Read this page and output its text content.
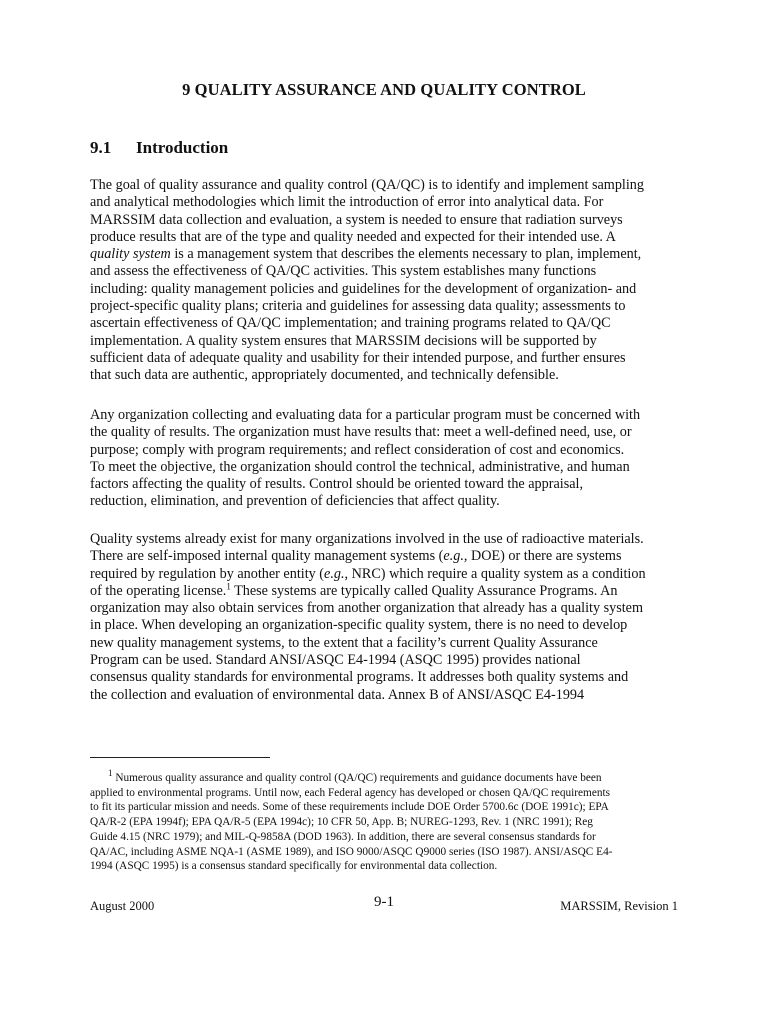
9 QUALITY ASSURANCE AND QUALITY CONTROL
9.1 Introduction
The goal of quality assurance and quality control (QA/QC) is to identify and implement sampling
and analytical methodologies which limit the introduction of error into analytical data. For
MARSSIM data collection and evaluation, a system is needed to ensure that radiation surveys
produce results that are of the type and quality needed and expected for their intended use. A
quality system is a management system that describes the elements necessary to plan, implement,
and assess the effectiveness of QA/QC activities. This system establishes many functions
including: quality management policies and guidelines for the development of organization- and
project-specific quality plans; criteria and guidelines for assessing data quality; assessments to
ascertain effectiveness of QA/QC implementation; and training programs related to QA/QC
implementation. A quality system ensures that MARSSIM decisions will be supported by
sufficient data of adequate quality and usability for their intended purpose, and further ensures
that such data are authentic, appropriately documented, and technically defensible.
Any organization collecting and evaluating data for a particular program must be concerned with
the quality of results. The organization must have results that: meet a well-defined need, use, or
purpose; comply with program requirements; and reflect consideration of cost and economics.
To meet the objective, the organization should control the technical, administrative, and human
factors affecting the quality of results. Control should be oriented toward the appraisal,
reduction, elimination, and prevention of deficiencies that affect quality.
Quality systems already exist for many organizations involved in the use of radioactive materials.
There are self-imposed internal quality management systems (e.g., DOE) or there are systems
required by regulation by another entity (e.g., NRC) which require a quality system as a condition
of the operating license.$^1$ These systems are typically called Quality Assurance Programs. An
organization may also obtain services from another organization that already has a quality system
in place. When developing an organization-specific quality system, there is no need to develop
new quality management systems, to the extent that a facility’s current Quality Assurance
Program can be used. Standard ANSI/ASQC E4-1994 (ASQC 1995) provides national
consensus quality standards for environmental programs. It addresses both quality systems and
the collection and evaluation of environmental data. Annex B of ANSI/ASQC E4-1994
$^1$ Numerous quality assurance and quality control (QA/QC) requirements and guidance documents have been
applied to environmental programs. Until now, each Federal agency has developed or chosen QA/QC requirements
to fit its particular mission and needs. Some of these requirements include DOE Order 5700.6c (DOE 1991c); EPA
QA/R-2 (EPA 1994f); EPA QA/R-5 (EPA 1994c); 10 CFR 50, App. B; NUREG-1293, Rev. 1 (NRC 1991); Reg
Guide 4.15 (NRC 1979); and MIL-Q-9858A (DOD 1963). In addition, there are several consensus standards for
QA/AC, including ASME NQA-1 (ASME 1989), and ISO 9000/ASQC Q9000 series (ISO 1987). ANSI/ASQC E4-
1994 (ASQC 1995) is a consensus standard specifically for environmental data collection.
August 2000	9-1	MARSSIM, Revision 1
